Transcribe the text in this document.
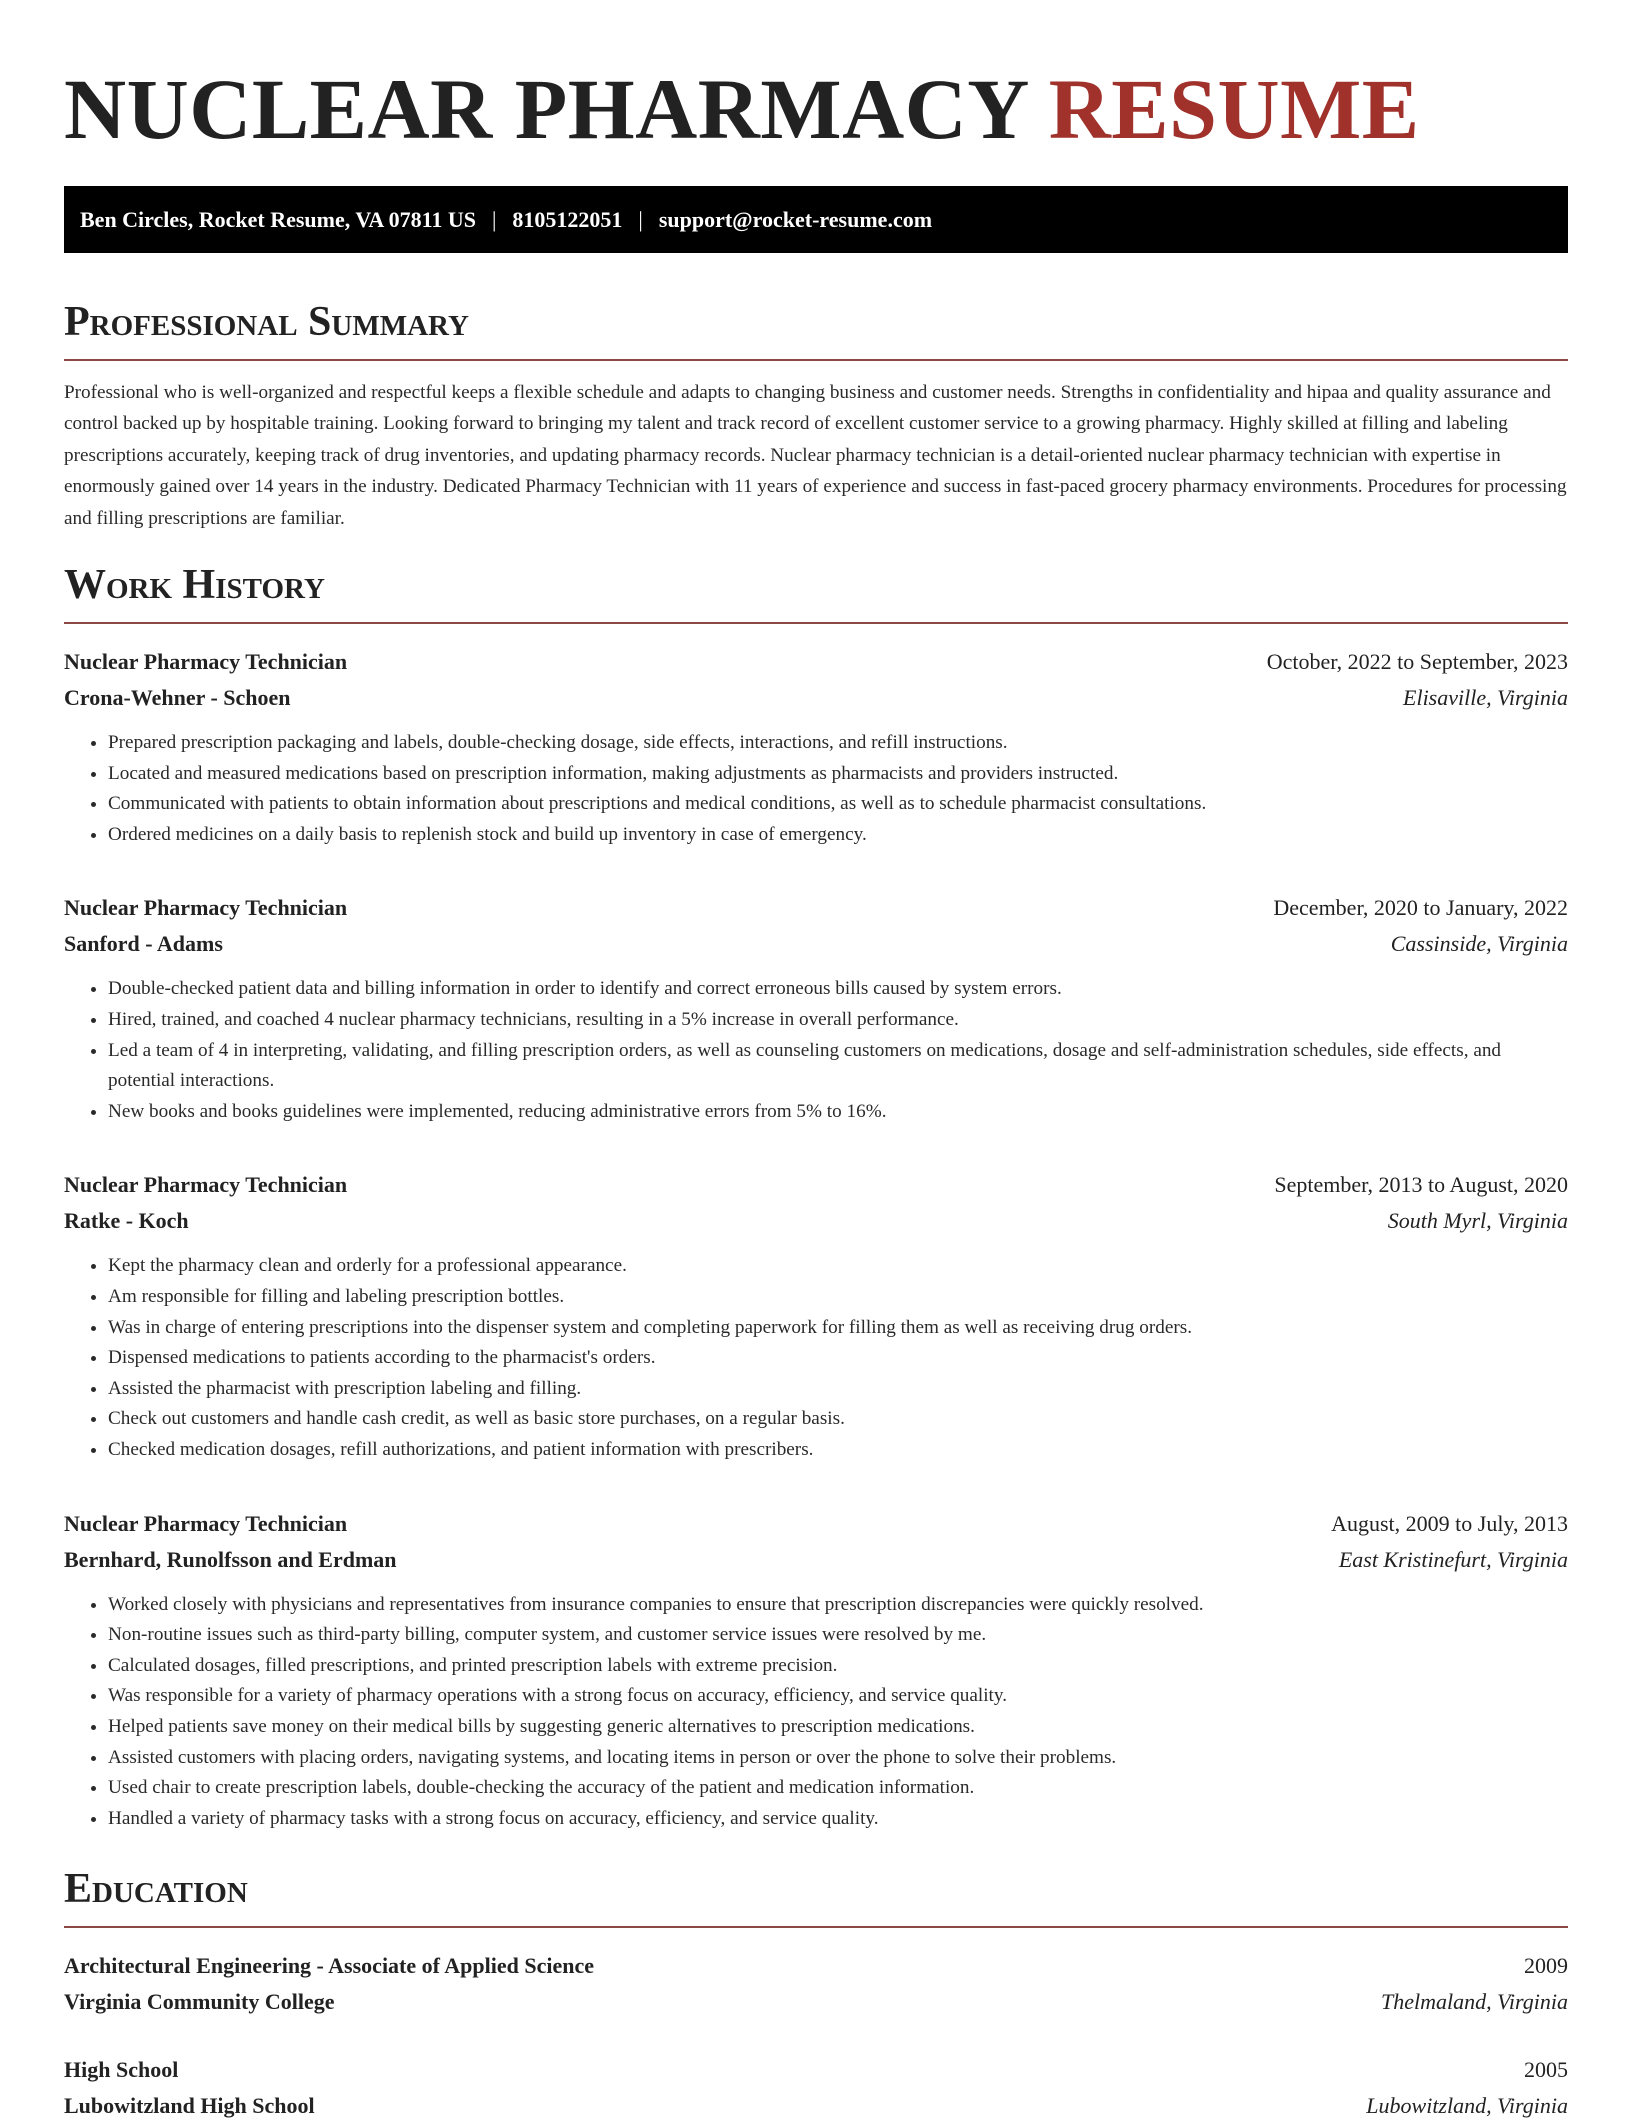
NUCLEAR PHARMACY RESUME
Ben Circles, Rocket Resume, VA 07811 US | 8105122051 | support@rocket-resume.com
Professional Summary

Professional who is well-organized and respectful keeps a flexible schedule and adapts to changing business and customer needs. Strengths in confidentiality and hipaa and quality assurance and control backed up by hospitable training. Looking forward to bringing my talent and track record of excellent customer service to a growing pharmacy. Highly skilled at filling and labeling prescriptions accurately, keeping track of drug inventories, and updating pharmacy records. Nuclear pharmacy technician is a detail-oriented nuclear pharmacy technician with expertise in enormously gained over 14 years in the industry. Dedicated Pharmacy Technician with 11 years of experience and success in fast-paced grocery pharmacy environments. Procedures for processing and filling prescriptions are familiar.

Work History
Nuclear Pharmacy Technician	October, 2022 to September, 2023
Crona-Wehner - Schoen	Elisaville, Virginia
• Prepared prescription packaging and labels, double-checking dosage, side effects, interactions, and refill instructions.
• Located and measured medications based on prescription information, making adjustments as pharmacists and providers instructed.
• Communicated with patients to obtain information about prescriptions and medical conditions, as well as to schedule pharmacist consultations.
• Ordered medicines on a daily basis to replenish stock and build up inventory in case of emergency.
Nuclear Pharmacy Technician	December, 2020 to January, 2022
Sanford - Adams	Cassinside, Virginia
• Double-checked patient data and billing information in order to identify and correct erroneous bills caused by system errors.
• Hired, trained, and coached 4 nuclear pharmacy technicians, resulting in a 5% increase in overall performance.
• Led a team of 4 in interpreting, validating, and filling prescription orders, as well as counseling customers on medications, dosage and self-administration schedules, side effects, and potential interactions.
• New books and books guidelines were implemented, reducing administrative errors from 5% to 16%.
Nuclear Pharmacy Technician	September, 2013 to August, 2020
Ratke - Koch	South Myrl, Virginia
• Kept the pharmacy clean and orderly for a professional appearance.
• Am responsible for filling and labeling prescription bottles.
• Was in charge of entering prescriptions into the dispenser system and completing paperwork for filling them as well as receiving drug orders.
• Dispensed medications to patients according to the pharmacist's orders.
• Assisted the pharmacist with prescription labeling and filling.
• Check out customers and handle cash credit, as well as basic store purchases, on a regular basis.
• Checked medication dosages, refill authorizations, and patient information with prescribers.
Nuclear Pharmacy Technician	August, 2009 to July, 2013
Bernhard, Runolfsson and Erdman	East Kristinefurt, Virginia
• Worked closely with physicians and representatives from insurance companies to ensure that prescription discrepancies were quickly resolved.
• Non-routine issues such as third-party billing, computer system, and customer service issues were resolved by me.
• Calculated dosages, filled prescriptions, and printed prescription labels with extreme precision.
• Was responsible for a variety of pharmacy operations with a strong focus on accuracy, efficiency, and service quality.
• Helped patients save money on their medical bills by suggesting generic alternatives to prescription medications.
• Assisted customers with placing orders, navigating systems, and locating items in person or over the phone to solve their problems.
• Used chair to create prescription labels, double-checking the accuracy of the patient and medication information.
• Handled a variety of pharmacy tasks with a strong focus on accuracy, efficiency, and service quality.
Education
Architectural Engineering - Associate of Applied Science	2009
Virginia Community College	Thelmaland, Virginia
High School	2005
Lubowitzland High School	Lubowitzland, Virginia
